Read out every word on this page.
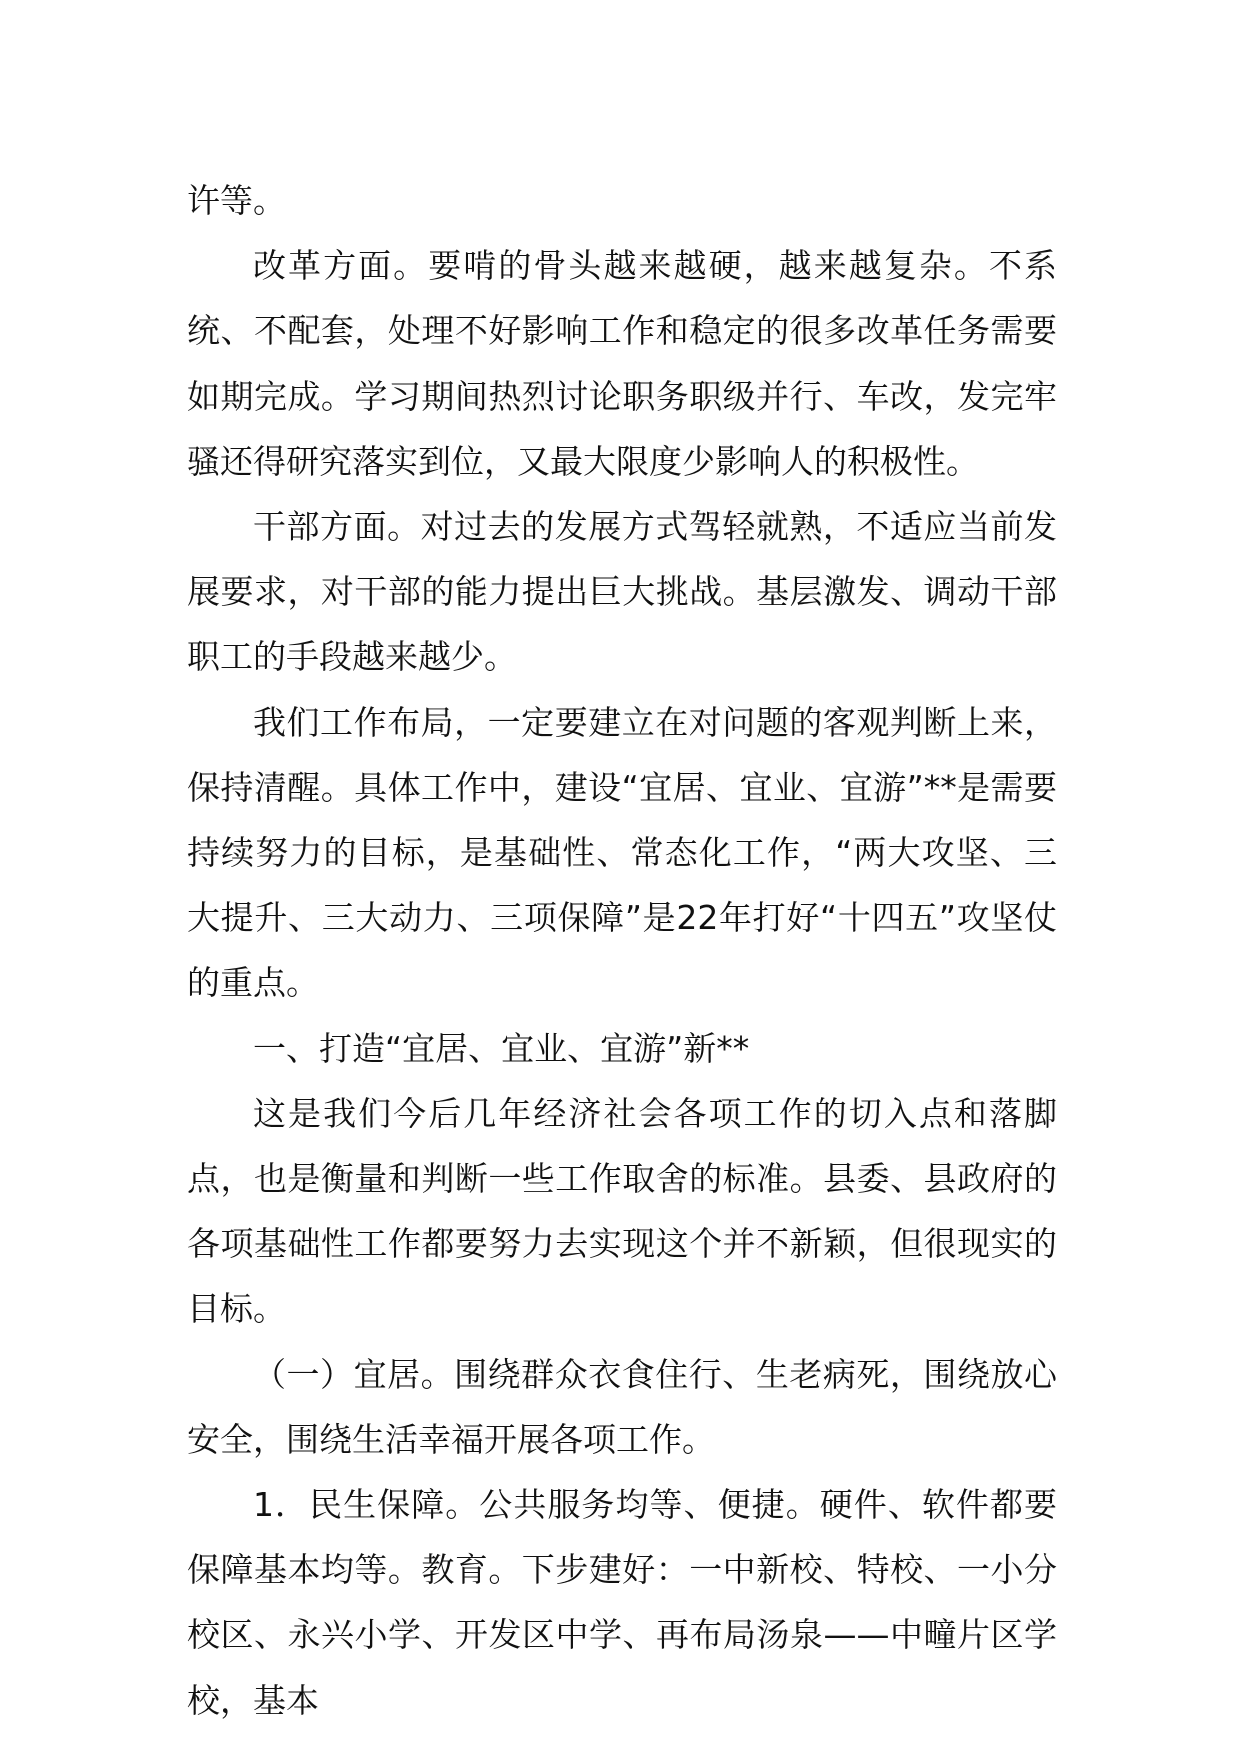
许等。

改革方面。要啃的骨头越来越硬，越来越复杂。不系统、不配套，处理不好影响工作和稳定的很多改革任务需要如期完成。学习期间热烈讨论职务职级并行、车改，发完牢骚还得研究落实到位，又最大限度少影响人的积极性。

干部方面。对过去的发展方式驾轻就熟，不适应当前发展要求，对干部的能力提出巨大挑战。基层激发、调动干部职工的手段越来越少。

我们工作布局，一定要建立在对问题的客观判断上来，保持清醒。具体工作中，建设“宜居、宜业、宜游”**是需要持续努力的目标，是基础性、常态化工作，“两大攻坚、三大提升、三大动力、三项保障”是22年打好“十四五”攻坚仗的重点。

一、打造“宜居、宜业、宜游”新**

这是我们今后几年经济社会各项工作的切入点和落脚点，也是衡量和判断一些工作取舍的标准。县委、县政府的各项基础性工作都要努力去实现这个并不新颖，但很现实的目标。

（一）宜居。围绕群众衣食住行、生老病死，围绕放心安全，围绕生活幸福开展各项工作。

1．民生保障。公共服务均等、便捷。硬件、软件都要保障基本均等。教育。下步建好：一中新校、特校、一小分校区、永兴小学、开发区中学、再布局汤泉——中疃片区学校，基本
